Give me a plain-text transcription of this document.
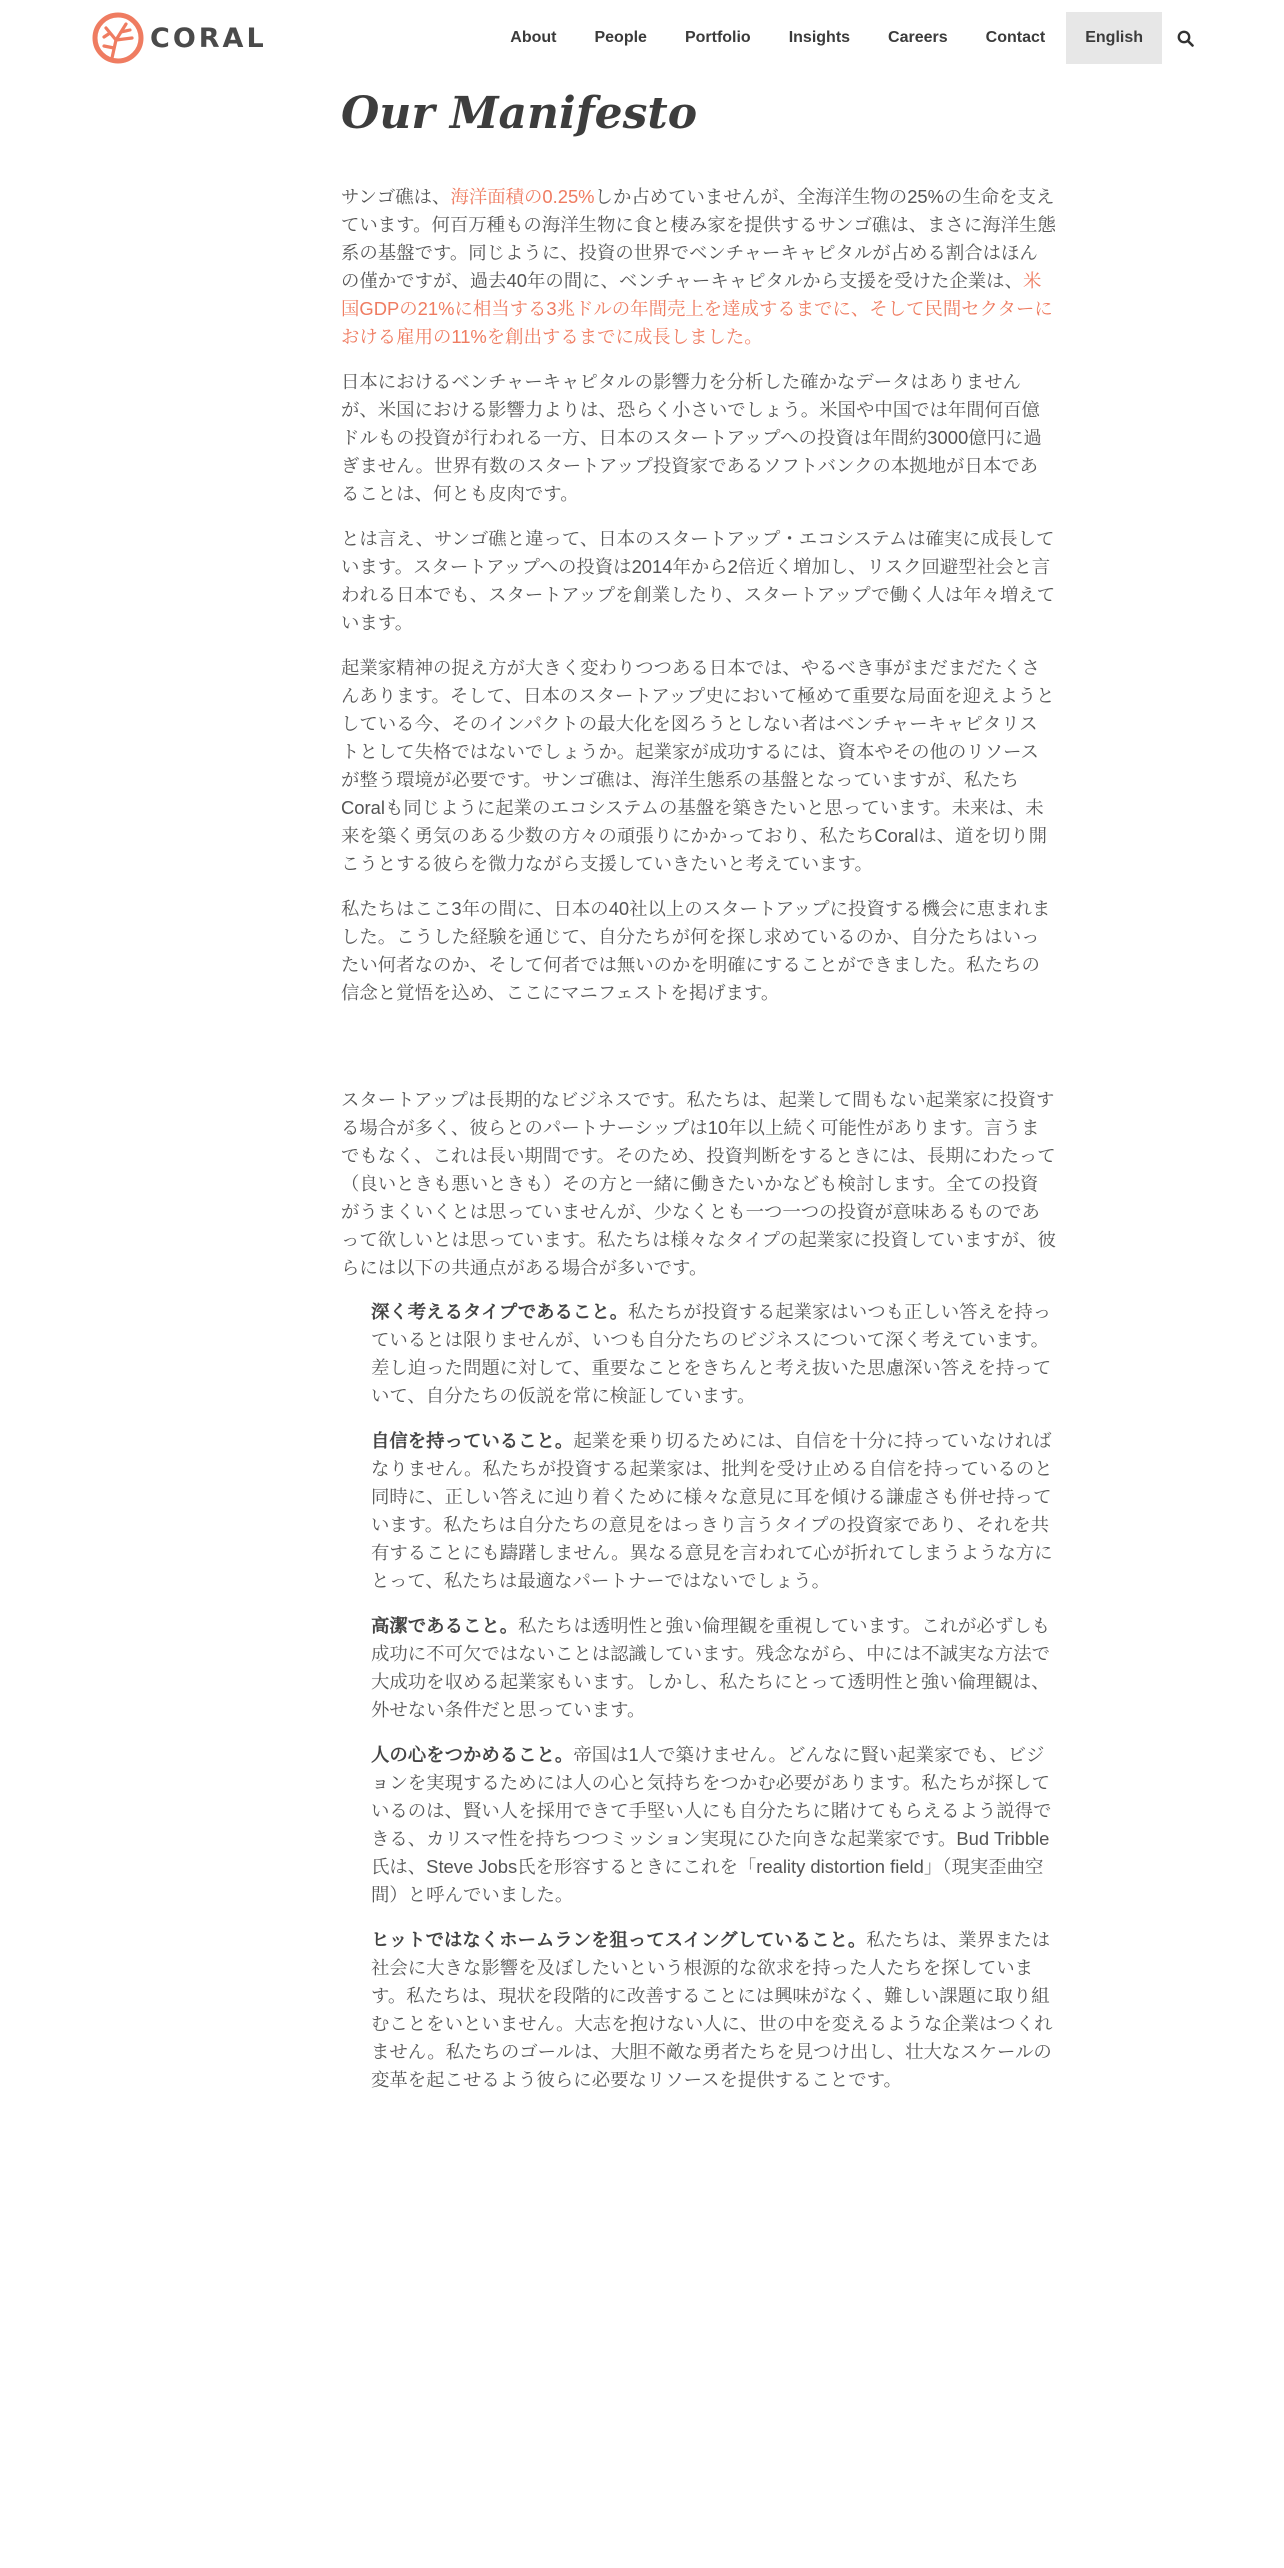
CORAL	About	People	Portfolio	Insights	Careers	Contact	English
Our Manifesto

サンゴ礁は、海洋面積の0.25%しか占めていませんが、全海洋生物の25%の生命を支えています。何百万種もの海洋生物に食と棲み家を提供するサンゴ礁は、まさに海洋生態系の基盤です。同じように、投資の世界でベンチャーキャピタルが占める割合はほんの僅かですが、過去40年の間に、ベンチャーキャピタルから支援を受けた企業は、米国GDPの21%に相当する3兆ドルの年間売上を達成するまでに、そして民間セクターにおける雇用の11%を創出するまでに成長しました。

日本におけるベンチャーキャピタルの影響力を分析した確かなデータはありませんが、米国における影響力よりは、恐らく小さいでしょう。米国や中国では年間何百億ドルもの投資が行われる一方、日本のスタートアップへの投資は年間約3000億円に過ぎません。世界有数のスタートアップ投資家であるソフトバンクの本拠地が日本であることは、何とも皮肉です。

とは言え、サンゴ礁と違って、日本のスタートアップ・エコシステムは確実に成長しています。スタートアップへの投資は2014年から2倍近く増加し、リスク回避型社会と言われる日本でも、スタートアップを創業したり、スタートアップで働く人は年々増えています。

起業家精神の捉え方が大きく変わりつつある日本では、やるべき事がまだまだたくさんあります。そして、日本のスタートアップ史において極めて重要な局面を迎えようとしている今、そのインパクトの最大化を図ろうとしない者はベンチャーキャピタリストとして失格ではないでしょうか。起業家が成功するには、資本やその他のリソースが整う環境が必要です。サンゴ礁は、海洋生態系の基盤となっていますが、私たちCoralも同じように起業のエコシステムの基盤を築きたいと思っています。未来は、未来を築く勇気のある少数の方々の頑張りにかかっており、私たちCoralは、道を切り開こうとする彼らを微力ながら支援していきたいと考えています。

私たちはここ3年の間に、日本の40社以上のスタートアップに投資する機会に恵まれました。こうした経験を通じて、自分たちが何を探し求めているのか、自分たちはいったい何者なのか、そして何者では無いのかを明確にすることができました。私たちの信念と覚悟を込め、ここにマニフェストを掲げます。

スタートアップは長期的なビジネスです。私たちは、起業して間もない起業家に投資する場合が多く、彼らとのパートナーシップは10年以上続く可能性があります。言うまでもなく、これは長い期間です。そのため、投資判断をするときには、長期にわたって（良いときも悪いときも）その方と一緒に働きたいかなども検討します。全ての投資がうまくいくとは思っていませんが、少なくとも一つ一つの投資が意味あるものであって欲しいとは思っています。私たちは様々なタイプの起業家に投資していますが、彼らには以下の共通点がある場合が多いです。

深く考えるタイプであること。私たちが投資する起業家はいつも正しい答えを持っているとは限りませんが、いつも自分たちのビジネスについて深く考えています。差し迫った問題に対して、重要なことをきちんと考え抜いた思慮深い答えを持っていて、自分たちの仮説を常に検証しています。

自信を持っていること。起業を乗り切るためには、自信を十分に持っていなければなりません。私たちが投資する起業家は、批判を受け止める自信を持っているのと同時に、正しい答えに辿り着くために様々な意見に耳を傾ける謙虚さも併せ持っています。私たちは自分たちの意見をはっきり言うタイプの投資家であり、それを共有することにも躊躇しません。異なる意見を言われて心が折れてしまうような方にとって、私たちは最適なパートナーではないでしょう。

高潔であること。私たちは透明性と強い倫理観を重視しています。これが必ずしも成功に不可欠ではないことは認識しています。残念ながら、中には不誠実な方法で大成功を収める起業家もいます。しかし、私たちにとって透明性と強い倫理観は、外せない条件だと思っています。

人の心をつかめること。帝国は1人で築けません。どんなに賢い起業家でも、ビジョンを実現するためには人の心と気持ちをつかむ必要があります。私たちが探しているのは、賢い人を採用できて手堅い人にも自分たちに賭けてもらえるよう説得できる、カリスマ性を持ちつつミッション実現にひた向きな起業家です。Bud Tribble氏は、Steve Jobs氏を形容するときにこれを「reality distortion field」（現実歪曲空間）と呼んでいました。

ヒットではなくホームランを狙ってスイングしていること。私たちは、業界または社会に大きな影響を及ぼしたいという根源的な欲求を持った人たちを探しています。私たちは、現状を段階的に改善することには興味がなく、難しい課題に取り組むことをいといません。大志を抱けない人に、世の中を変えるような企業はつくれません。私たちのゴールは、大胆不敵な勇者たちを見つけ出し、壮大なスケールの変革を起こせるよう彼らに必要なリソースを提供することです。
